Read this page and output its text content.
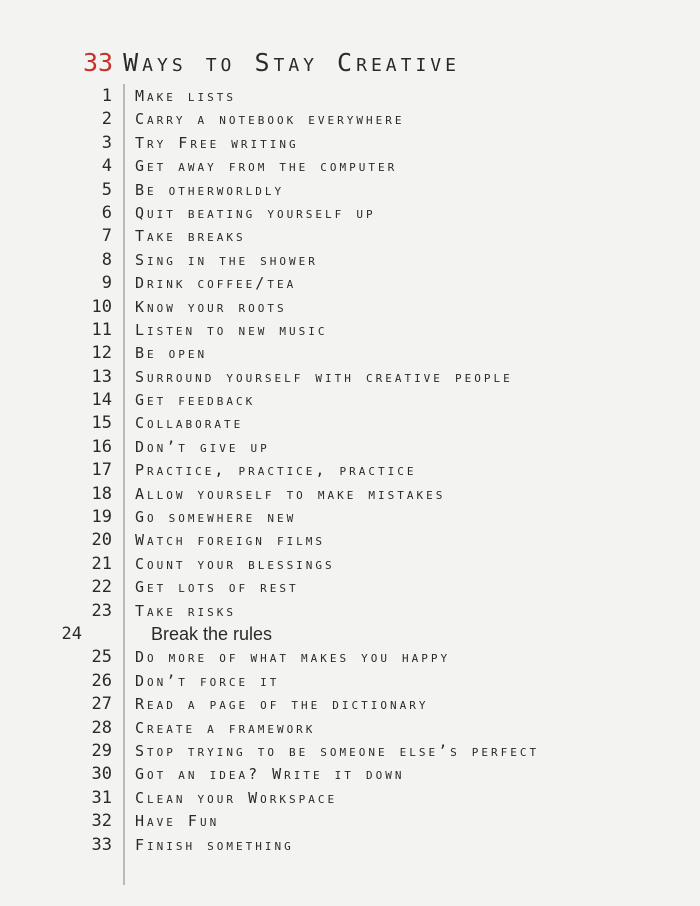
33 Ways to Stay Creative
1 Make lists
2 Carry a notebook everywhere
3 Try Free writing
4 Get away from the computer
5 Be otherworldly
6 Quit beating yourself up
7 Take breaks
8 Sing in the shower
9 Drink coffee/tea
10 Know your roots
11 Listen to new music
12 Be open
13 Surround yourself with creative people
14 Get feedback
15 Collaborate
16 Don’t give up
17 Practice, practice, practice
18 Allow yourself to make mistakes
19 Go somewhere new
20 Watch foreign films
21 Count your blessings
22 Get lots of rest
23 Take risks
24	Break the rules
25 Do more of what makes you happy
26 Don’t force it
27 Read a page of the dictionary
28 Create a framework
29 Stop trying to be someone else’s perfect
30 Got an idea? Write it down
31 Clean your Workspace
32 Have Fun
33 Finish something
